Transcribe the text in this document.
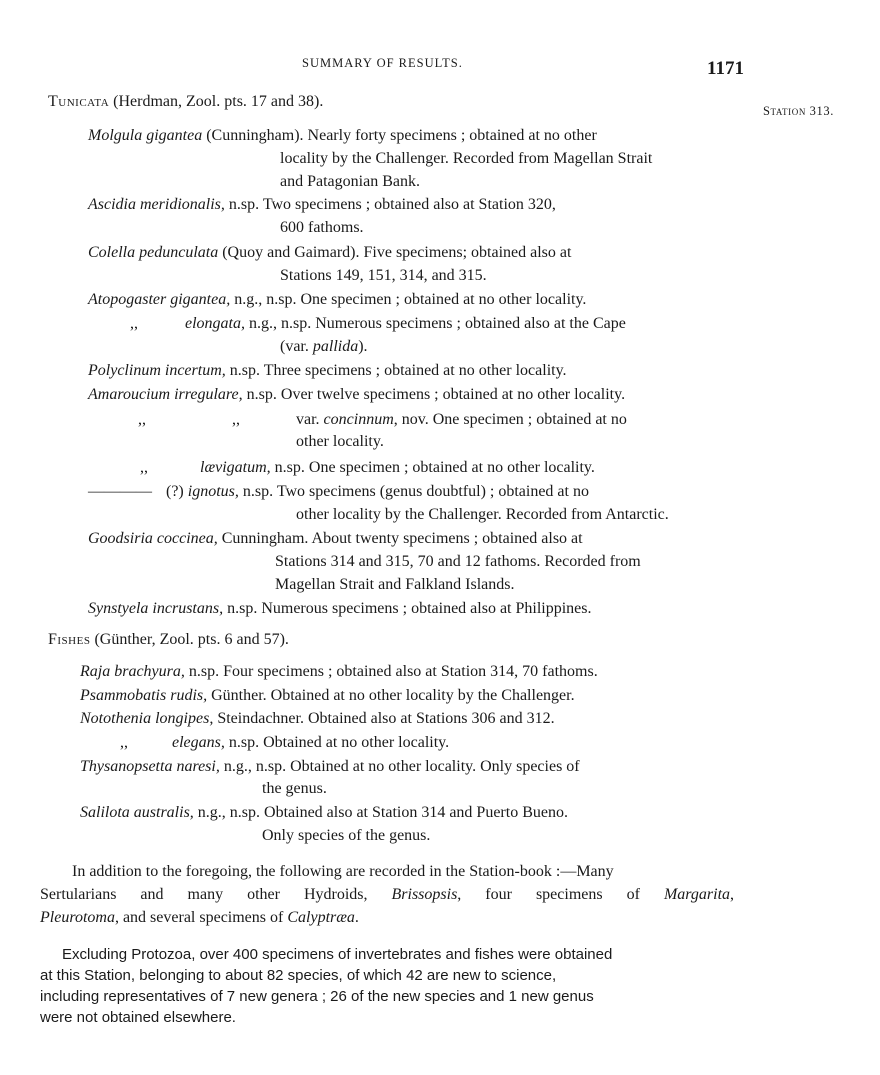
SUMMARY OF RESULTS.	1171
Station 313.
Tunicata (Herdman, Zool. pts. 17 and 38).
Molgula gigantea (Cunningham). Nearly forty specimens ; obtained at no other
locality by the Challenger. Recorded from Magellan Strait
and Patagonian Bank.
Ascidia meridionalis, n.sp. Two specimens ; obtained also at Station 320,
600 fathoms.
Colella pedunculata (Quoy and Gaimard). Five specimens; obtained also at
Stations 149, 151, 314, and 315.
Atopogaster gigantea, n.g., n.sp. One specimen ; obtained at no other locality.
,,	elongata, n.g., n.sp. Numerous specimens ; obtained also at the Cape
(var. pallida).
Polyclinum incertum, n.sp. Three specimens ; obtained at no other locality.
Amaroucium irregulare, n.sp. Over twelve specimens ; obtained at no other locality.
,,	,,	var. concinnum, nov. One specimen ; obtained at no
other locality.
,,	lævigatum, n.sp. One specimen ; obtained at no other locality.
———— (?) ignotus, n.sp. Two specimens (genus doubtful) ; obtained at no
other locality by the Challenger. Recorded from Antarctic.
Goodsiria coccinea, Cunningham. About twenty specimens ; obtained also at
Stations 314 and 315, 70 and 12 fathoms. Recorded from
Magellan Strait and Falkland Islands.
Synstyela incrustans, n.sp. Numerous specimens ; obtained also at Philippines.
Fishes (Günther, Zool. pts. 6 and 57).
Raja brachyura, n.sp. Four specimens ; obtained also at Station 314, 70 fathoms.
Psammobatis rudis, Günther. Obtained at no other locality by the Challenger.
Notothenia longipes, Steindachner. Obtained also at Stations 306 and 312.
,,	elegans, n.sp. Obtained at no other locality.
Thysanopsetta naresi, n.g., n.sp. Obtained at no other locality. Only species of
the genus.
Salilota australis, n.g., n.sp. Obtained also at Station 314 and Puerto Bueno.
Only species of the genus.
In addition to the foregoing, the following are recorded in the Station-book :—Many
Sertularians and many other Hydroids, Brissopsis, four specimens of Margarita,
Pleurotoma, and several specimens of Calyptræa.
Excluding Protozoa, over 400 specimens of invertebrates and fishes were obtained
at this Station, belonging to about 82 species, of which 42 are new to science,
including representatives of 7 new genera ; 26 of the new species and 1 new genus
were not obtained elsewhere.
